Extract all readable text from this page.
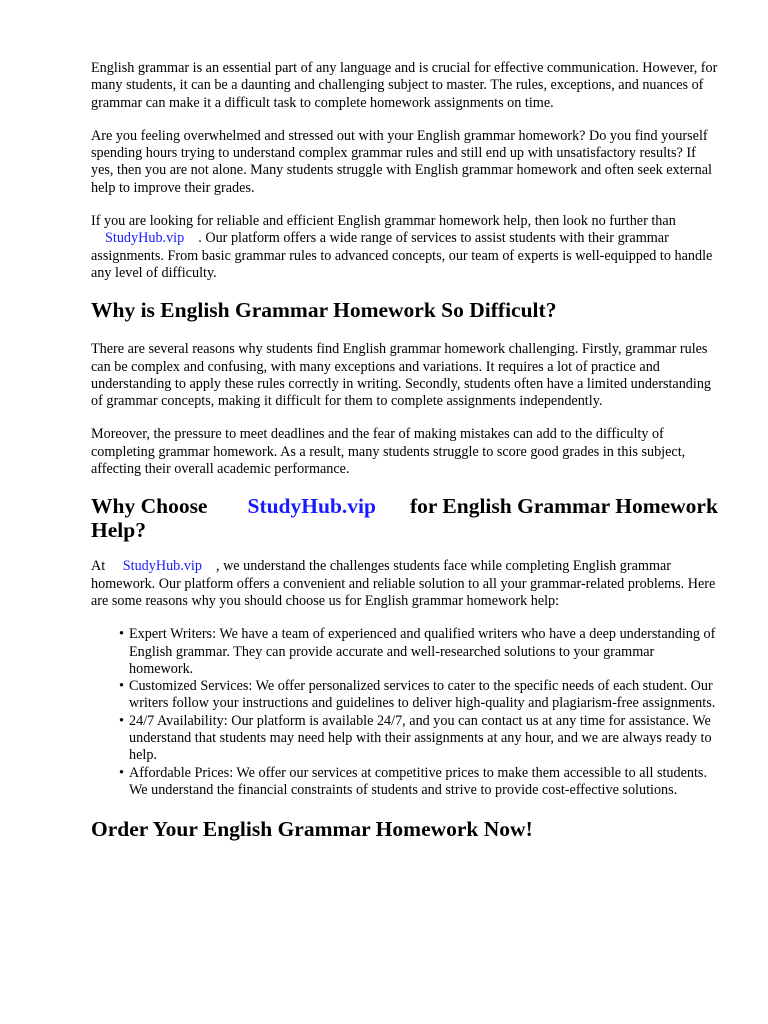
English grammar is an essential part of any language and is crucial for effective communication. However, for many students, it can be a daunting and challenging subject to master. The rules, exceptions, and nuances of grammar can make it a difficult task to complete homework assignments on time.

Are you feeling overwhelmed and stressed out with your English grammar homework? Do you find yourself spending hours trying to understand complex grammar rules and still end up with unsatisfactory results? If yes, then you are not alone. Many students struggle with English grammar homework and often seek external help to improve their grades.

If you are looking for reliable and efficient English grammar homework help, then look no further than StudyHub.vip . Our platform offers a wide range of services to assist students with their grammar assignments. From basic grammar rules to advanced concepts, our team of experts is well-equipped to handle any level of difficulty.

Why is English Grammar Homework So Difficult?

There are several reasons why students find English grammar homework challenging. Firstly, grammar rules can be complex and confusing, with many exceptions and variations. It requires a lot of practice and understanding to apply these rules correctly in writing. Secondly, students often have a limited understanding of grammar concepts, making it difficult for them to complete assignments independently.

Moreover, the pressure to meet deadlines and the fear of making mistakes can add to the difficulty of completing grammar homework. As a result, many students struggle to score good grades in this subject, affecting their overall academic performance.

Why Choose StudyHub.vip for English Grammar Homework Help?

At StudyHub.vip , we understand the challenges students face while completing English grammar homework. Our platform offers a convenient and reliable solution to all your grammar-related problems. Here are some reasons why you should choose us for English grammar homework help:

• Expert Writers: We have a team of experienced and qualified writers who have a deep understanding of English grammar. They can provide accurate and well-researched solutions to your grammar homework.
• Customized Services: We offer personalized services to cater to the specific needs of each student. Our writers follow your instructions and guidelines to deliver high-quality and plagiarism-free assignments.
• 24/7 Availability: Our platform is available 24/7, and you can contact us at any time for assistance. We understand that students may need help with their assignments at any hour, and we are always ready to help.
• Affordable Prices: We offer our services at competitive prices to make them accessible to all students. We understand the financial constraints of students and strive to provide cost-effective solutions.
Order Your English Grammar Homework Now!
